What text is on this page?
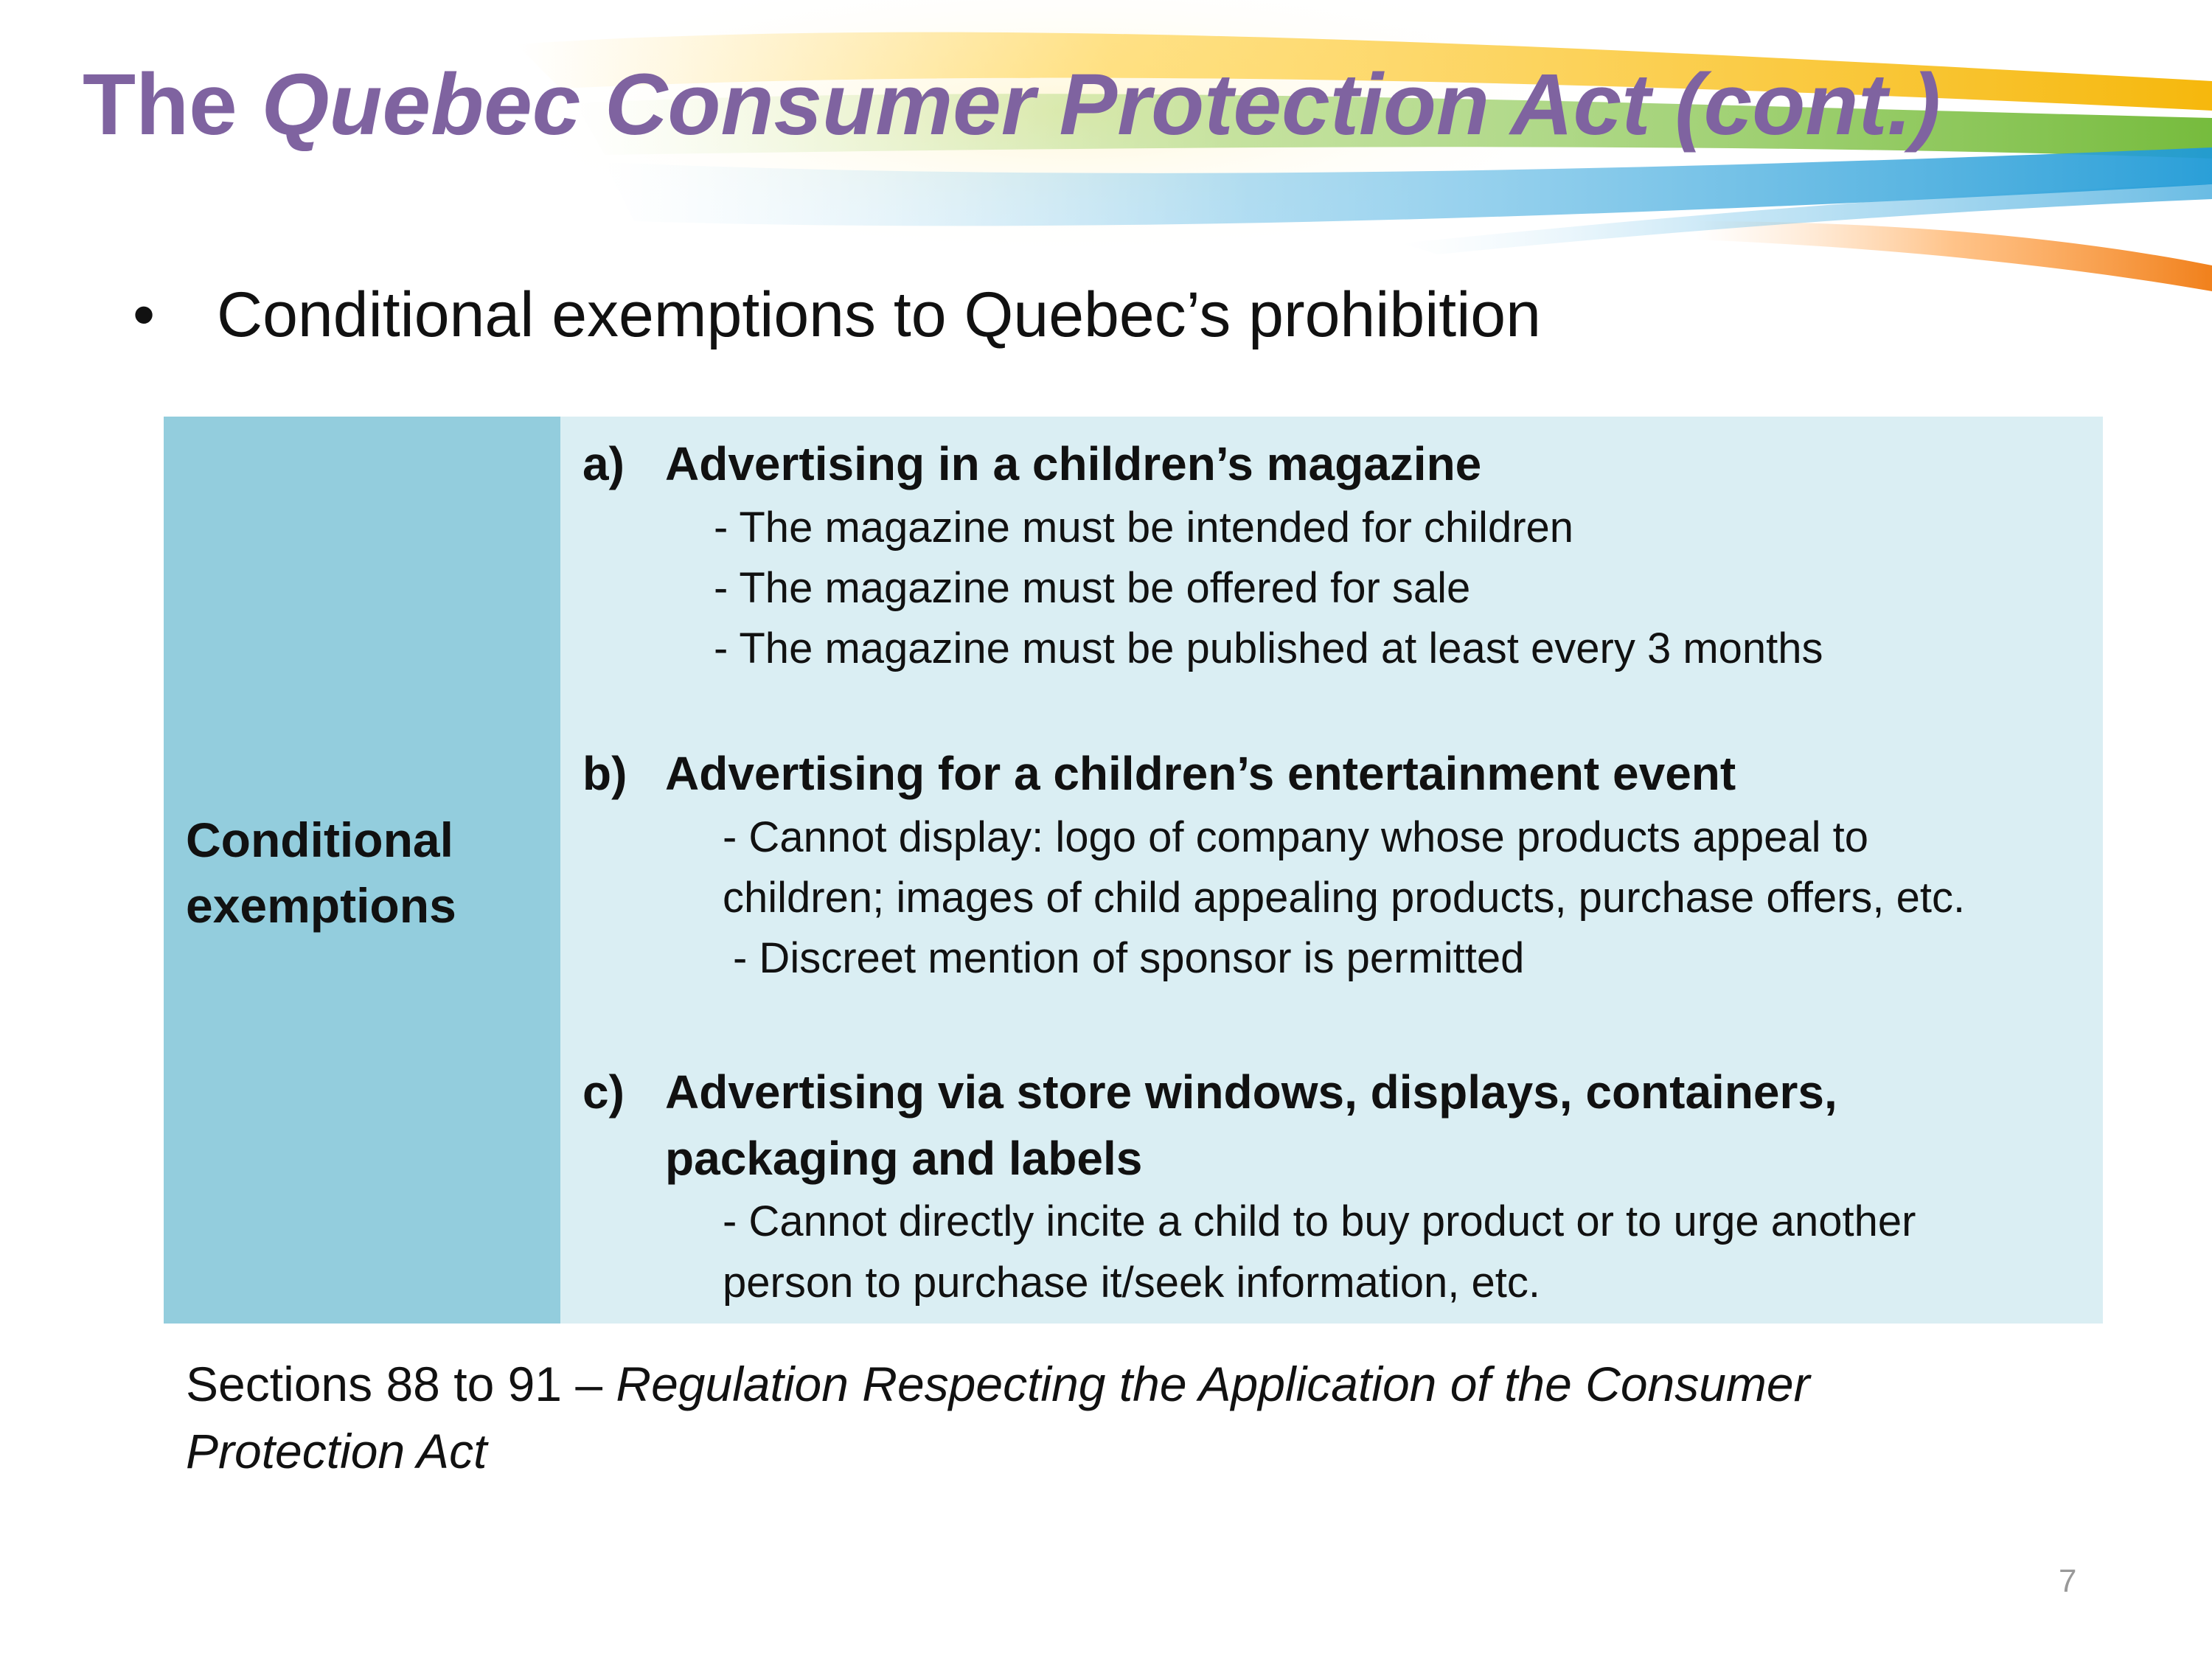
The Quebec Consumer Protection Act (cont.)
• Conditional exemptions to Quebec’s prohibition
Conditional
exemptions
a) Advertising in a children’s magazine
- The magazine must be intended for children
- The magazine must be offered for sale
- The magazine must be published at least every 3 months
b) Advertising for a children’s entertainment event
- Cannot display: logo of company whose products appeal to
children; images of child appealing products, purchase offers, etc.
- Discreet mention of sponsor is permitted
c) Advertising via store windows, displays, containers, packaging and labels
- Cannot directly incite a child to buy product or to urge another
person to purchase it/seek information, etc.
Sections 88 to 91 – Regulation Respecting the Application of the Consumer Protection Act
7
